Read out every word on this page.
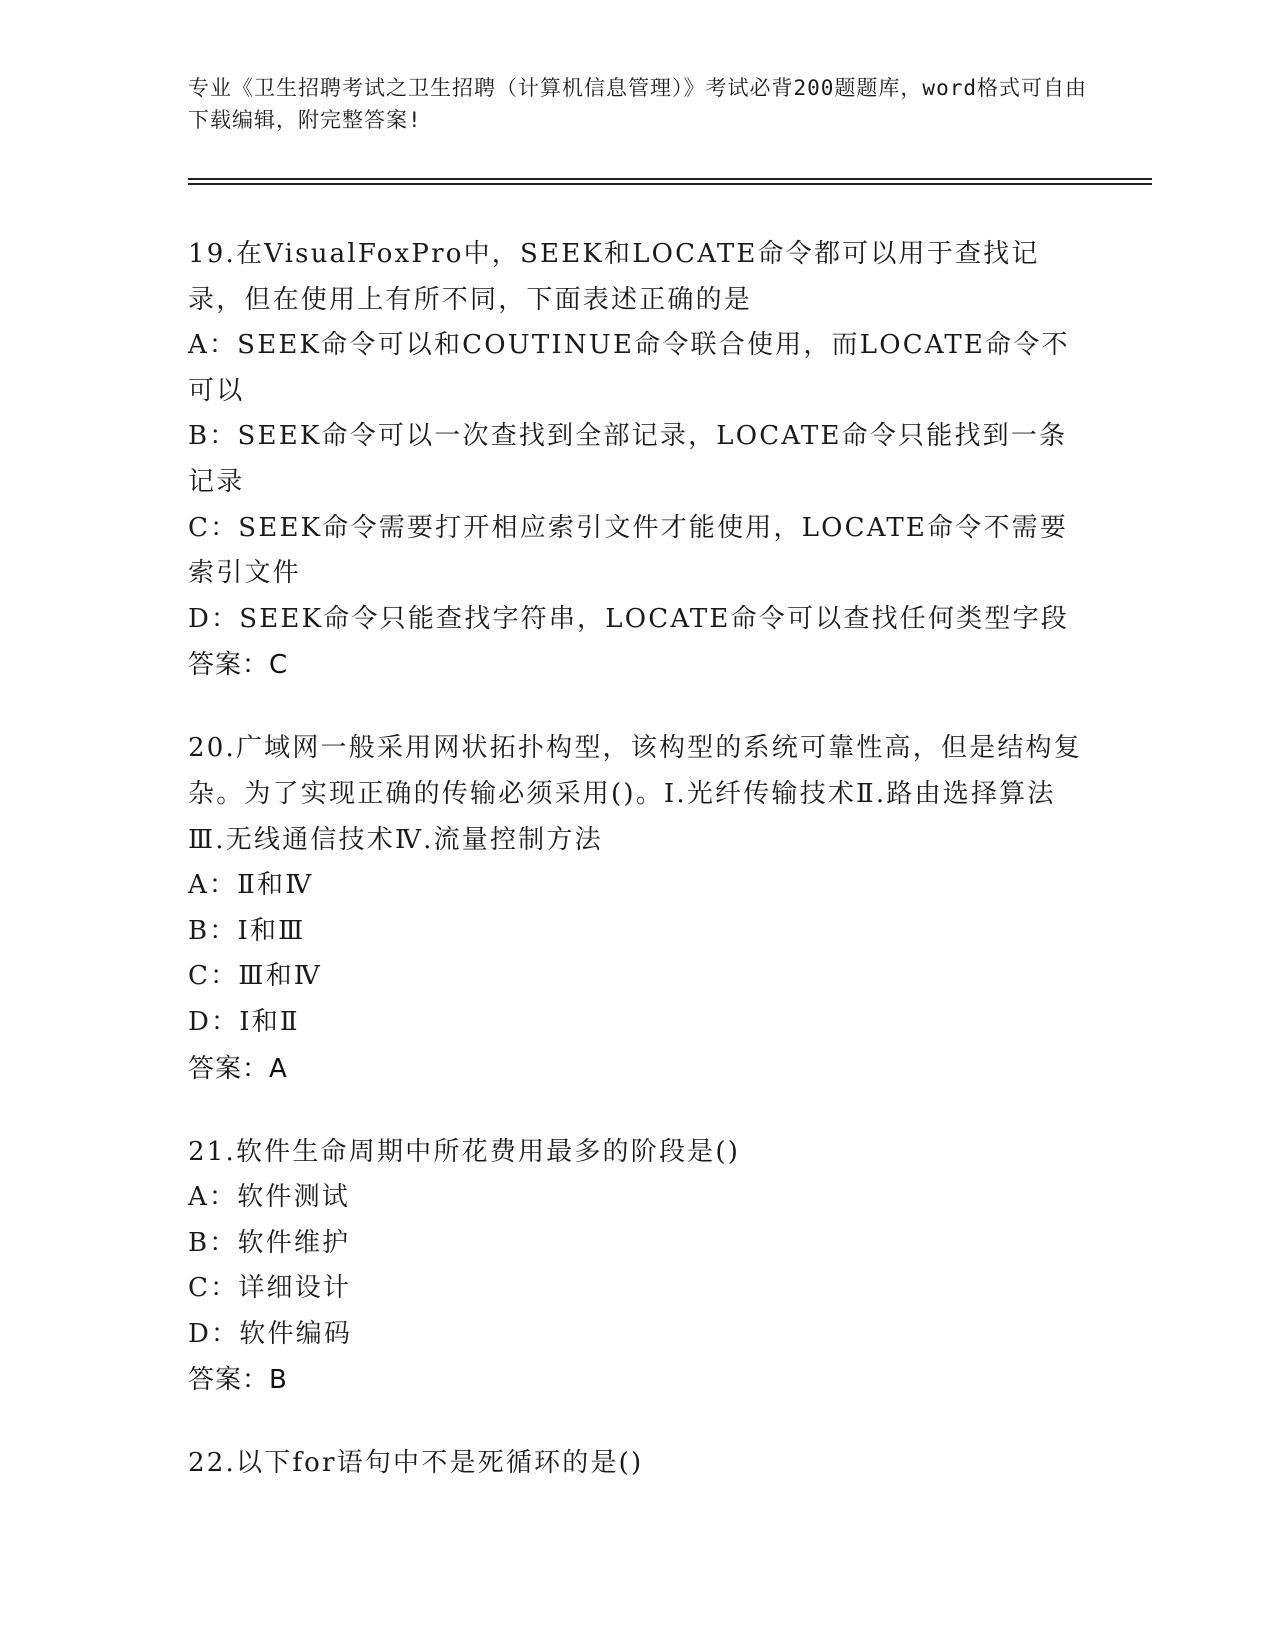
专业《卫生招聘考试之卫生招聘（计算机信息管理）》考试必背200题题库，word格式可自由下载编辑，附完整答案!
19.在VisualFoxPro中，SEEK和LOCATE命令都可以用于查找记录，但在使用上有所不同，下面表述正确的是
A：SEEK命令可以和COUTINUE命令联合使用，而LOCATE命令不可以
B：SEEK命令可以一次查找到全部记录，LOCATE命令只能找到一条记录
C：SEEK命令需要打开相应索引文件才能使用，LOCATE命令不需要索引文件
D：SEEK命令只能查找字符串，LOCATE命令可以查找任何类型字段
答案：C
20.广域网一般采用网状拓扑构型，该构型的系统可靠性高，但是结构复杂。为了实现正确的传输必须采用()。Ⅰ.光纤传输技术Ⅱ.路由选择算法Ⅲ.无线通信技术Ⅳ.流量控制方法
A：Ⅱ和Ⅳ
B：Ⅰ和Ⅲ
C：Ⅲ和Ⅳ
D：Ⅰ和Ⅱ
答案：A
21.软件生命周期中所花费用最多的阶段是()
A：软件测试
B：软件维护
C：详细设计
D：软件编码
答案：B
22.以下for语句中不是死循环的是()
